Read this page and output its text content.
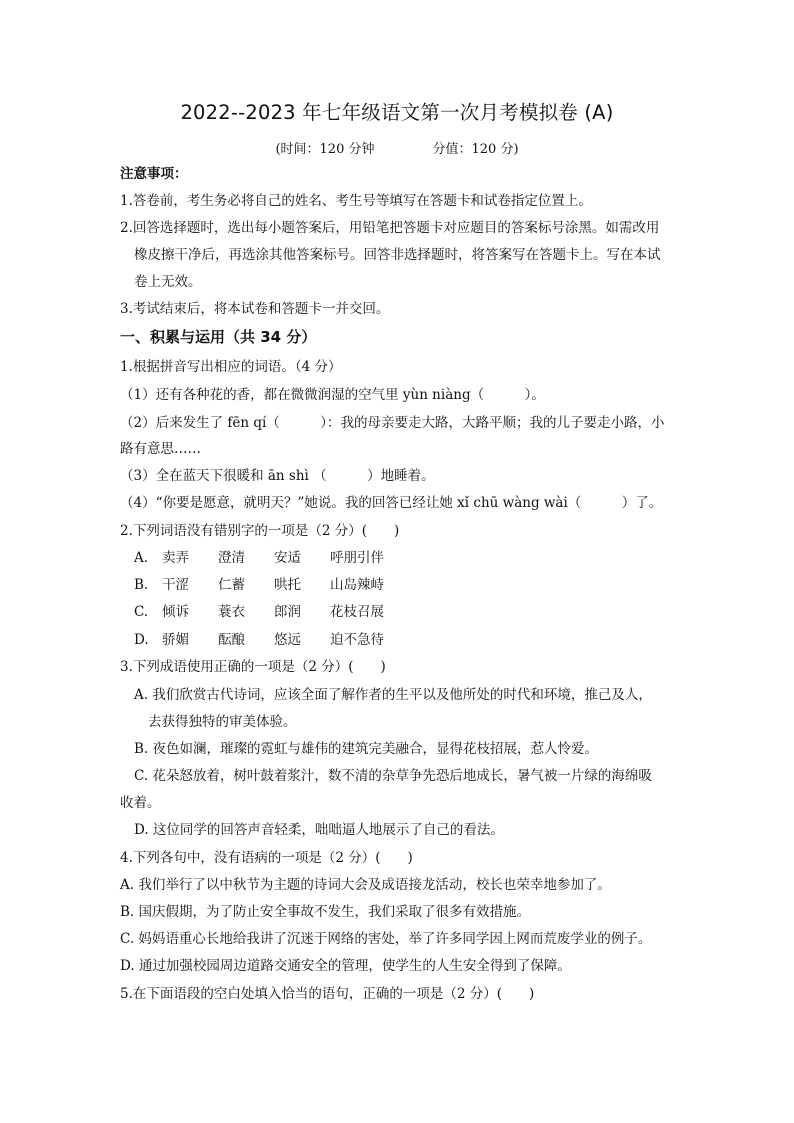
2022--2023 年七年级语文第一次月考模拟卷 (A)
(时间：120 分钟	分值：120 分)
注意事项：
1.答卷前，考生务必将自己的姓名、考生号等填写在答题卡和试卷指定位置上。
2.回答选择题时，选出每小题答案后，用铅笔把答题卡对应题目的答案标号涂黑。如需改用
橡皮擦干净后，再选涂其他答案标号。回答非选择题时，将答案写在答题卡上。写在本试
卷上无效。
3.考试结束后，将本试卷和答题卡一并交回。
一、积累与运用（共 34 分）
1.根据拼音写出相应的词语。（4 分）
（1）还有各种花的香，都在微微润湿的空气里 yùn niàng（　　　）。
（2）后来发生了 fēn qí（　　　）：我的母亲要走大路，大路平顺；我的儿子要走小路，小
路有意思……
（3）全在蓝天下很暖和 ān shì （　　　）地睡着。
（4）“你要是愿意，就明天？”她说。我的回答已经让她 xǐ chū wàng wài（　　　）了。
2.下列词语没有错别字的一项是（2 分）(　　)
A. 卖弄 澄清 安适 呼朋引伴
B. 干涩 仁蓄 哄托 山岛辣峙
C. 倾诉 蓑衣 郎润 花枝召展
D. 骄媚 酝酿 悠远 迫不急待
3.下列成语使用正确的一项是（2 分）(　　)
A. 我们欣赏古代诗词，应该全面了解作者的生平以及他所处的时代和环境，推己及人，
去获得独特的审美体验。
B. 夜色如澜，璀璨的霓虹与雄伟的建筑完美融合，显得花枝招展，惹人怜爱。
C. 花朵怒放着，树叶鼓着浆汁，数不清的杂草争先恐后地成长，暑气被一片绿的海绵吸
收着。
D. 这位同学的回答声音轻柔，咄咄逼人地展示了自己的看法。
4.下列各句中，没有语病的一项是（2 分）(　　)
A. 我们举行了以中秋节为主题的诗词大会及成语接龙活动，校长也荣幸地参加了。
B. 国庆假期，为了防止安全事故不发生，我们采取了很多有效措施。
C. 妈妈语重心长地给我讲了沉迷于网络的害处，举了许多同学因上网而荒废学业的例子。
D. 通过加强校园周边道路交通安全的管理，使学生的人生安全得到了保障。
5.在下面语段的空白处填入恰当的语句，正确的一项是（2 分）(　　)
